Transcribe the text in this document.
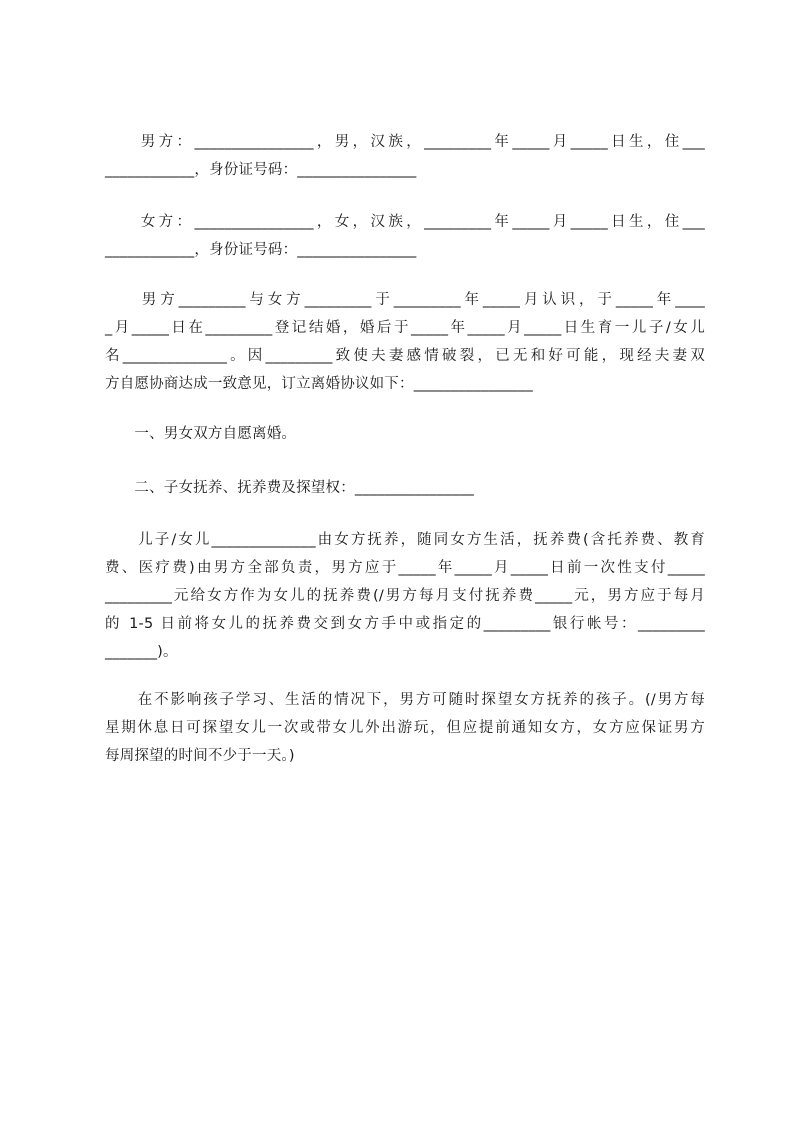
　　男方：________________，男，汉族，_________年_____月_____日生，住___
____________，身份证号码：________________
　　女方：________________，女，汉族，_________年_____月_____日生，住___
____________，身份证号码：________________
　　男方_________与女方_________于_________年_____月认识，于_____年____
_月_____日在_________登记结婚，婚后于_____年_____月_____日生育一儿子/女儿
名______________。因_________致使夫妻感情破裂，已无和好可能，现经夫妻双
方自愿协商达成一致意见，订立离婚协议如下：________________
　　一、男女双方自愿离婚。
　　二、子女抚养、抚养费及探望权：________________
　　儿子/女儿______________由女方抚养，随同女方生活，抚养费(含托养费、教育
费、医疗费)由男方全部负责，男方应于_____年_____月_____日前一次性支付_____
_________元给女方作为女儿的抚养费(/男方每月支付抚养费_____元，男方应于每月
的 1-5 日前将女儿的抚养费交到女方手中或指定的_________银行帐号：_________
_______)。
　　在不影响孩子学习、生活的情况下，男方可随时探望女方抚养的孩子。(/男方每
星期休息日可探望女儿一次或带女儿外出游玩，但应提前通知女方，女方应保证男方
每周探望的时间不少于一天。)
